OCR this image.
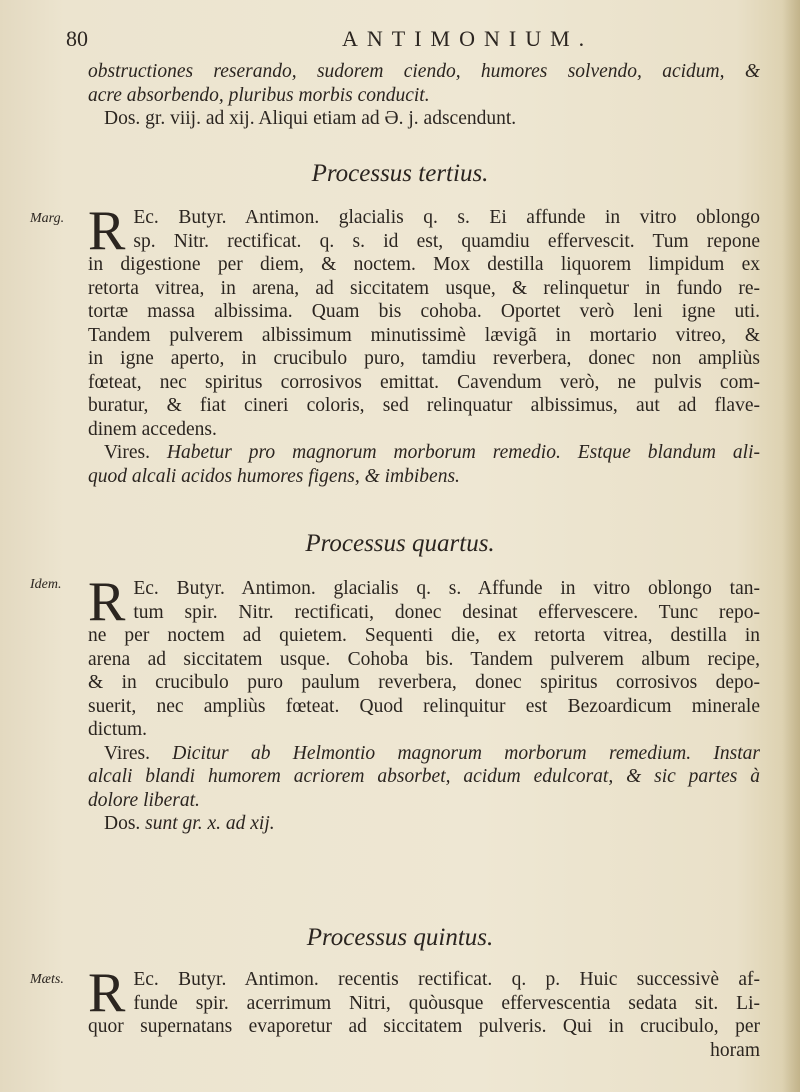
80	ANTIMONIUM.
obstructiones reserando, sudorem ciendo, humores solvendo, acidum, &
acre absorbendo, pluribus morbis conducit.
Dos. gr. viij. ad xij. Aliqui etiam ad Ə. j. adscendunt.
Processus tertius.
Marg. R Ec. Butyr. Antimon. glacialis q. s. Ei affunde in vitro oblongo
sp. Nitr. rectificat. q. s. id est, quamdiu effervescit. Tum repone
in digestione per diem, & noctem. Mox destilla liquorem limpidum ex
retorta vitrea, in arena, ad siccitatem usque, & relinquetur in fundo re-
tortæ massa albissima. Quam bis cohoba. Oportet verò leni igne uti.
Tandem pulverem albissimum minutissimè lævigã in mortario vitreo, &
in igne aperto, in crucibulo puro, tamdiu reverbera, donec non ampliùs
fœteat, nec spiritus corrosivos emittat. Cavendum verò, ne pulvis com-
buratur, & fiat cineri coloris, sed relinquatur albissimus, aut ad flave-
dinem accedens.
Vires. Habetur pro magnorum morborum remedio. Estque blandum ali-
quod alcali acidos humores figens, & imbibens.
Processus quartus.
Idem. R Ec. Butyr. Antimon. glacialis q. s. Affunde in vitro oblongo tan-
tum spir. Nitr. rectificati, donec desinat effervescere. Tunc repo-
ne per noctem ad quietem. Sequenti die, ex retorta vitrea, destilla in
arena ad siccitatem usque. Cohoba bis. Tandem pulverem album recipe,
& in crucibulo puro paulum reverbera, donec spiritus corrosivos depo-
suerit, nec ampliùs fœteat. Quod relinquitur est Bezoardicum minerale
dictum.
Vires. Dicitur ab Helmontio magnorum morborum remedium. Instar
alcali blandi humorem acriorem absorbet, acidum edulcorat, & sic partes à
dolore liberat.
Dos. sunt gr. x. ad xij.
Processus quintus.
Mæts. R Ec. Butyr. Antimon. recentis rectificat. q. p. Huic successivè af-
funde spir. acerrimum Nitri, quòusque effervescentia sedata sit. Li-
quor supernatans evaporetur ad siccitatem pulveris. Qui in crucibulo, per
horam
